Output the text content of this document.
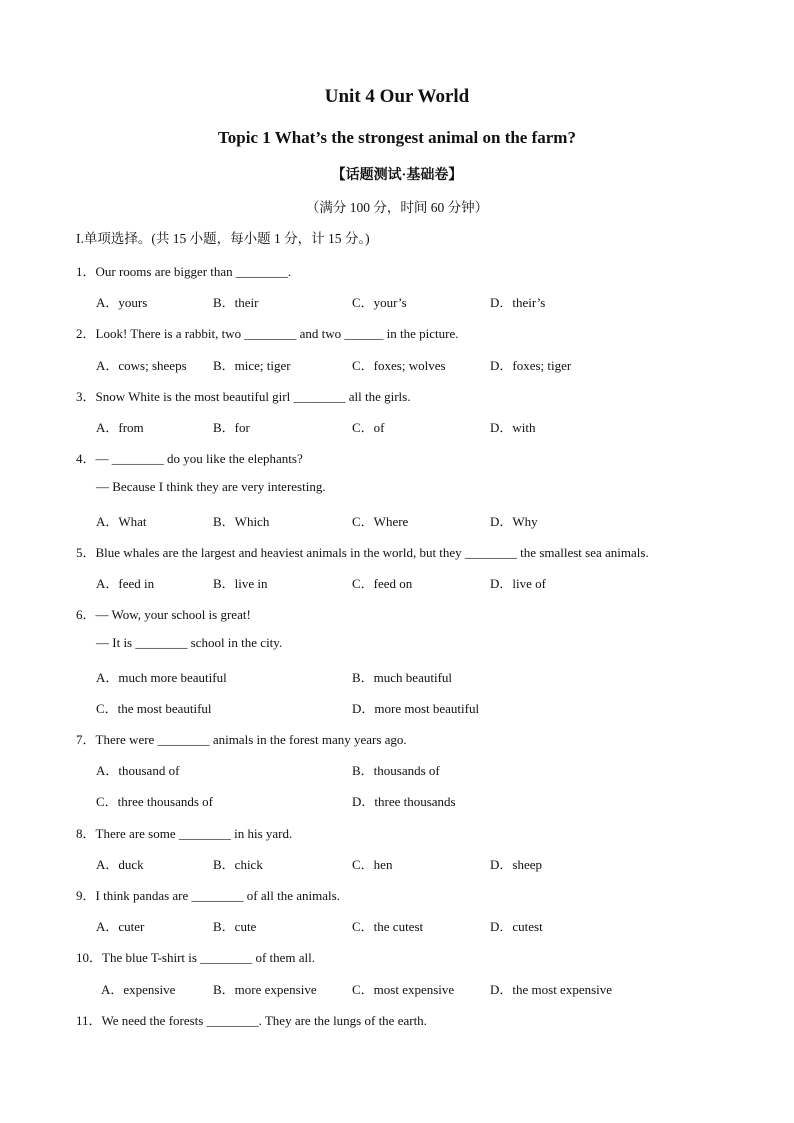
Unit 4 Our World
Topic 1 What’s the strongest animal on the farm?
【话题测试·基础卷】
（满分 100 分，时间 60 分钟）
I.单项选择。(共 15 小题，每小题 1 分，计 15 分。)
1．Our rooms are bigger than ________.
A．yours	B．their	C．your’s	D．their’s
2．Look! There is a rabbit, two ________ and two ______ in the picture.
A．cows; sheeps B．mice; tiger	C．foxes; wolves	D．foxes; tiger
3．Snow White is the most beautiful girl ________ all the girls.
A．from	B．for	C．of	D．with
4．— ________ do you like the elephants?
— Because I think they are very interesting.
A．What	B．Which	C．Where	D．Why
5．Blue whales are the largest and heaviest animals in the world, but they ________ the smallest sea animals.
A．feed in	B．live in	C．feed on	D．live of
6．— Wow, your school is great!
— It is ________ school in the city.
A．much more beautiful	B．much beautiful
C．the most beautiful	D．more most beautiful
7．There were ________ animals in the forest many years ago.
A．thousand of	B．thousands of
C．three thousands of	D．three thousands
8．There are some ________ in his yard.
A．duck	B．chick	C．hen	D．sheep
9．I think pandas are ________ of all the animals.
A．cuter	B．cute	C．the cutest	D．cutest
10．The blue T-shirt is ________ of them all.
A．expensive	B．more expensive	C．most expensive	D．the most expensive
11．We need the forests ________. They are the lungs of the earth.
